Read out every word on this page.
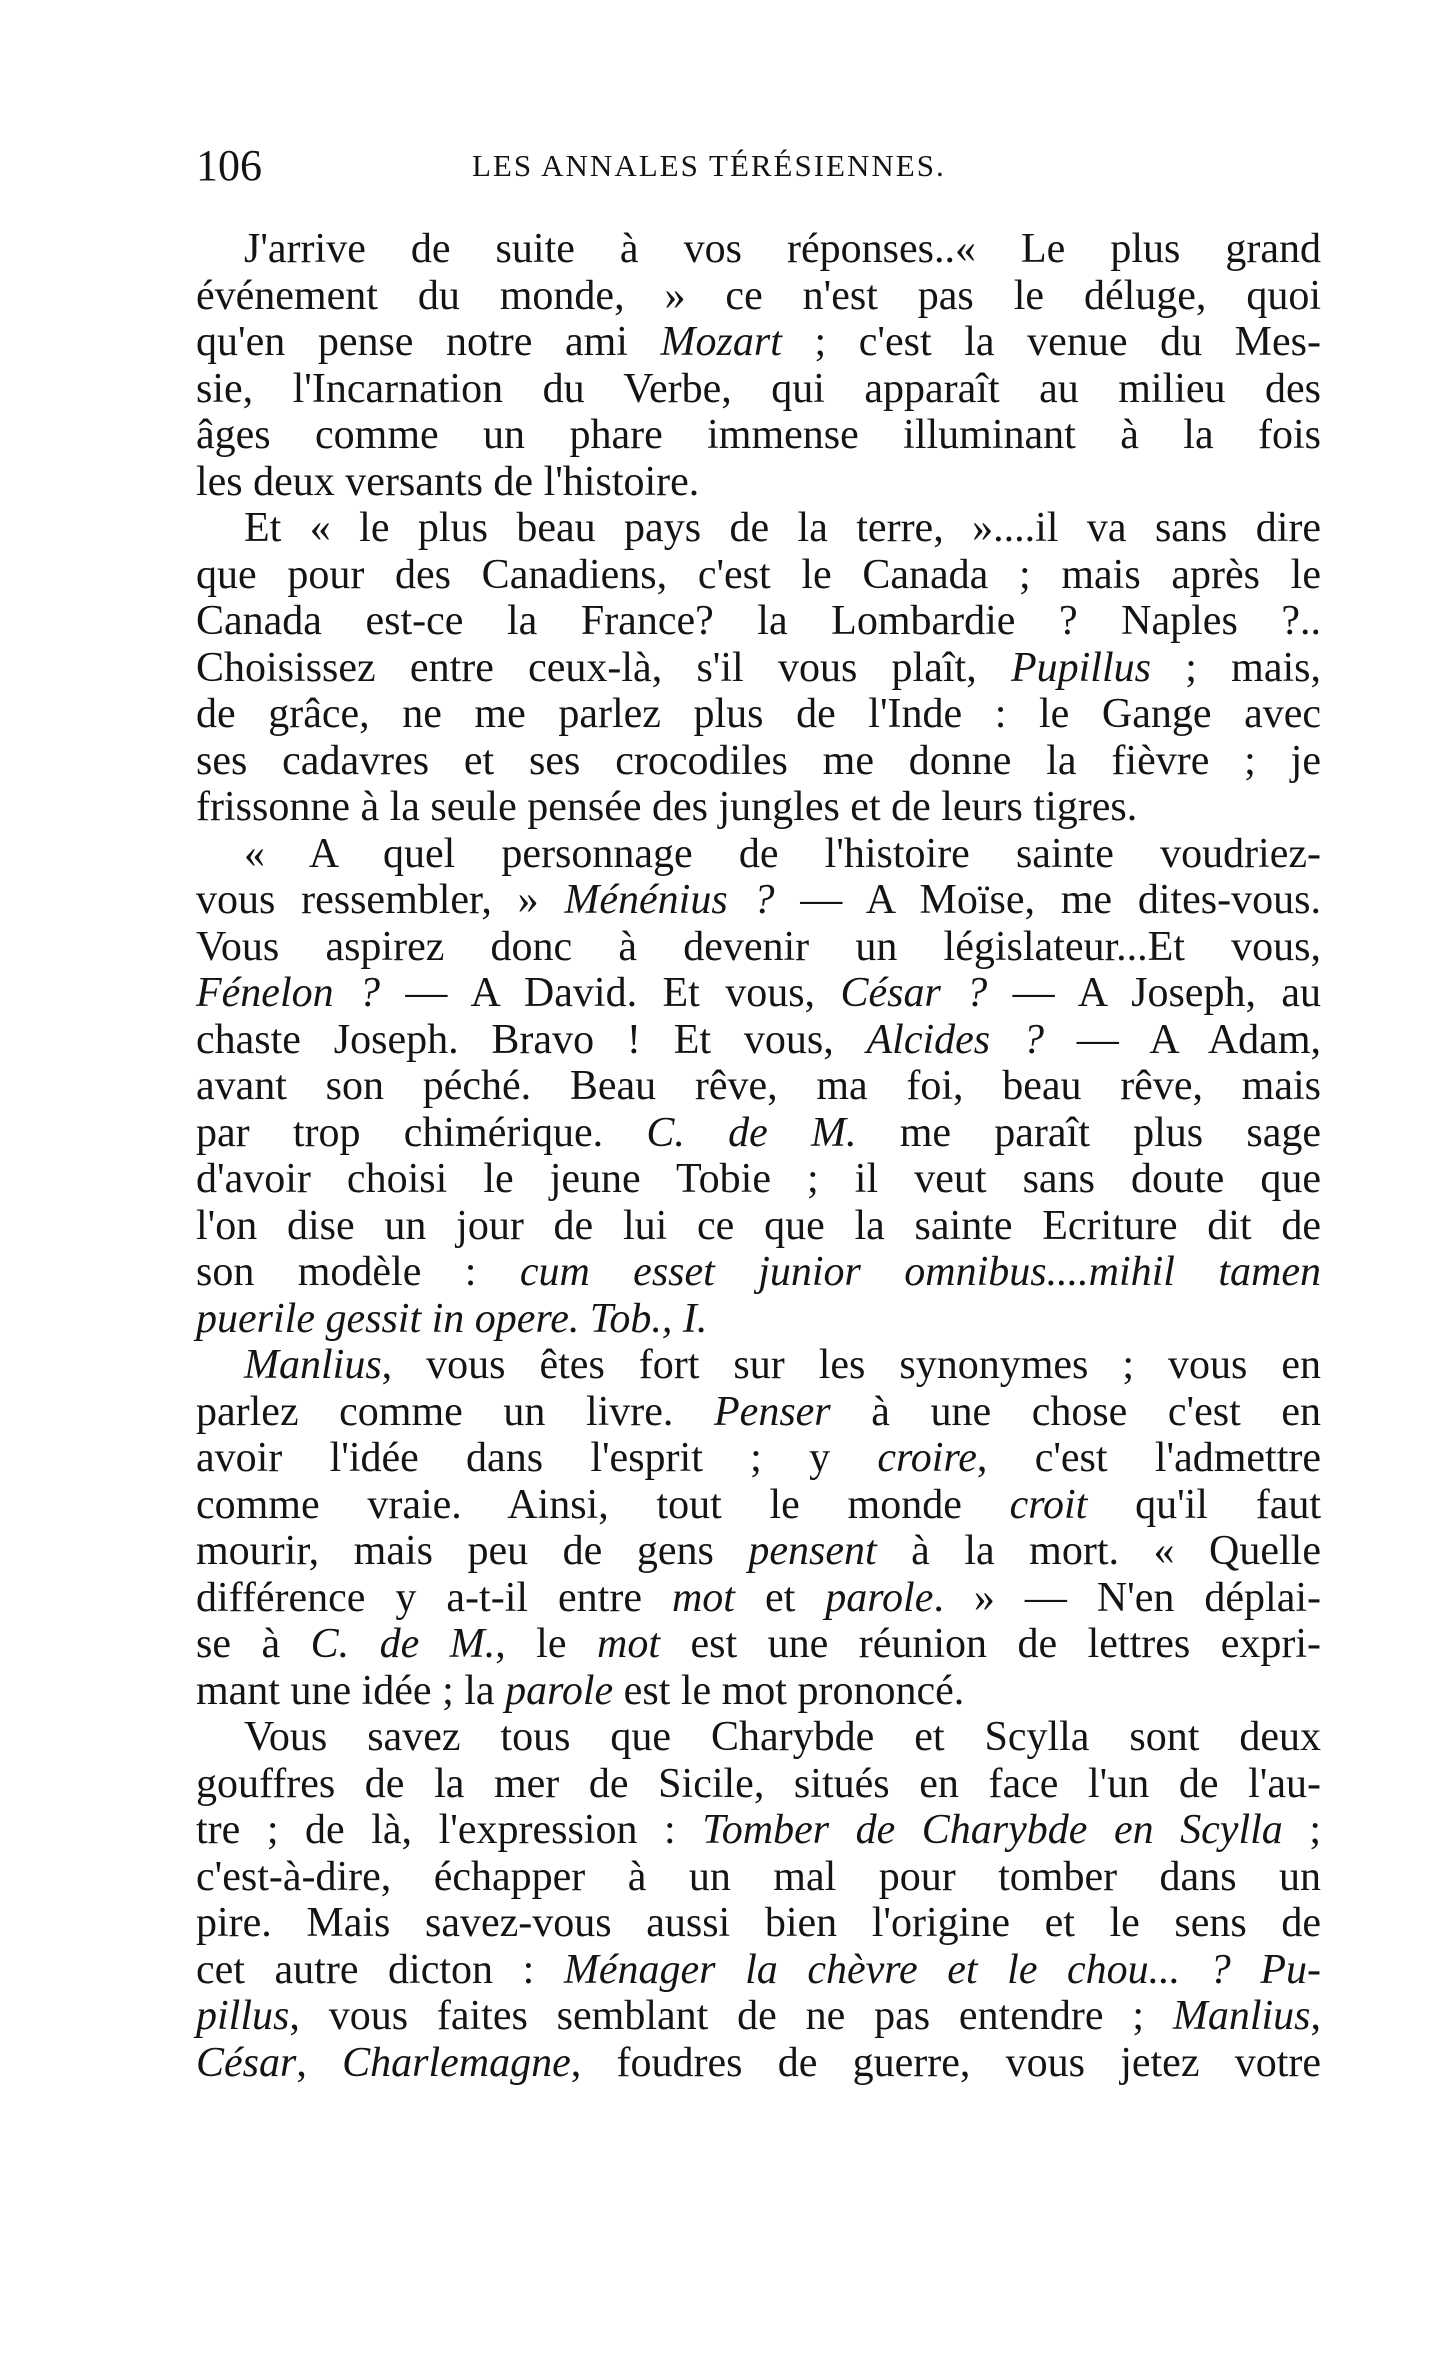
106	LES ANNALES TÉRÉSIENNES.
J'arrive de suite à vos réponses..« Le plus grand
événement du monde, » ce n'est pas le déluge, quoi
qu'en pense notre ami Mozart ; c'est la venue du Mes-
sie, l'Incarnation du Verbe, qui apparaît au milieu des
âges comme un phare immense illuminant à la fois
les deux versants de l'histoire.
Et « le plus beau pays de la terre, »....il va sans dire
que pour des Canadiens, c'est le Canada ; mais après le
Canada est-ce la France? la Lombardie ? Naples ?..
Choisissez entre ceux-là, s'il vous plaît, Pupillus ; mais,
de grâce, ne me parlez plus de l'Inde : le Gange avec
ses cadavres et ses crocodiles me donne la fièvre ; je
frissonne à la seule pensée des jungles et de leurs tigres.
« A quel personnage de l'histoire sainte voudriez-
vous ressembler, » Ménénius ? — A Moïse, me dites-vous.
Vous aspirez donc à devenir un législateur...Et vous,
Fénelon ? — A David. Et vous, César ? — A Joseph, au
chaste Joseph. Bravo ! Et vous, Alcides ? — A Adam,
avant son péché. Beau rêve, ma foi, beau rêve, mais
par trop chimérique. C. de M. me paraît plus sage
d'avoir choisi le jeune Tobie ; il veut sans doute que
l'on dise un jour de lui ce que la sainte Ecriture dit de
son modèle : cum esset junior omnibus....mihil tamen
puerile gessit in opere. Tob., I.
Manlius, vous êtes fort sur les synonymes ; vous en
parlez comme un livre. Penser à une chose c'est en
avoir l'idée dans l'esprit ; y croire, c'est l'admettre
comme vraie. Ainsi, tout le monde croit qu'il faut
mourir, mais peu de gens pensent à la mort. « Quelle
différence y a-t-il entre mot et parole. » — N'en déplai-
se à C. de M., le mot est une réunion de lettres expri-
mant une idée ; la parole est le mot prononcé.
Vous savez tous que Charybde et Scylla sont deux
gouffres de la mer de Sicile, situés en face l'un de l'au-
tre ; de là, l'expression : Tomber de Charybde en Scylla ;
c'est-à-dire, échapper à un mal pour tomber dans un
pire. Mais savez-vous aussi bien l'origine et le sens de
cet autre dicton : Ménager la chèvre et le chou... ? Pu-
pillus, vous faites semblant de ne pas entendre ; Manlius,
César, Charlemagne, foudres de guerre, vous jetez votre
